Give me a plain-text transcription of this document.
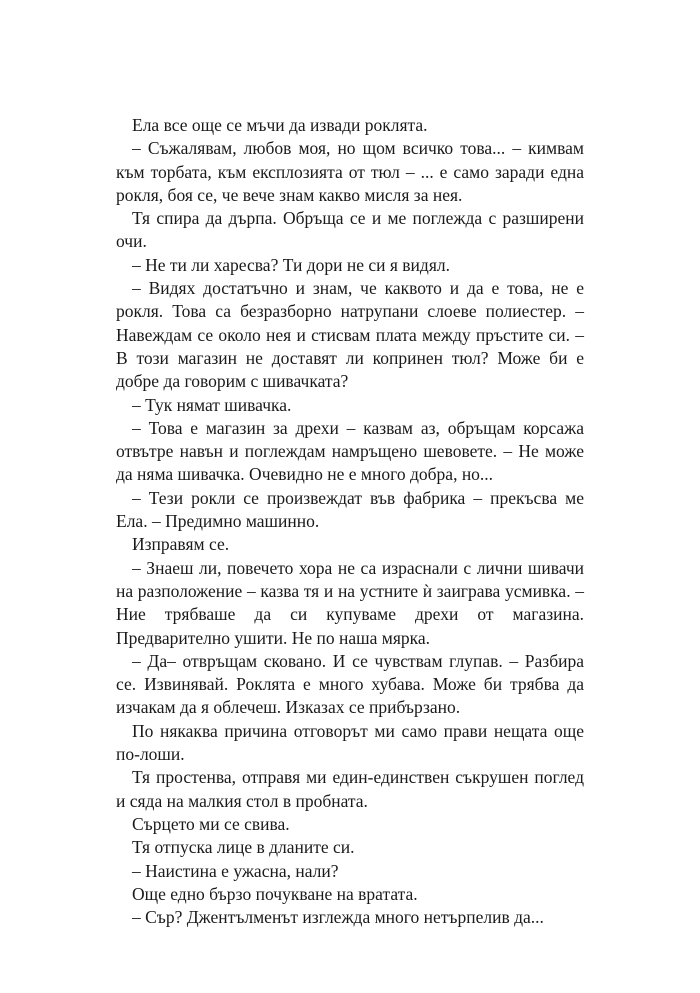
Ела все още се мъчи да извади роклята.

– Съжалявам, любов моя, но щом всичко това... – кимвам към торбата, към експлозията от тюл – ... е само заради една рокля, боя се, че вече знам какво мисля за нея.

Тя спира да дърпа. Обръща се и ме поглежда с разширени очи.

– Не ти ли харесва? Ти дори не си я видял.

– Видях достатъчно и знам, че каквото и да е това, не е рокля. Това са безразборно натрупани слоеве полиестер. – Навеждам се около нея и стисвам плата между пръстите си. – В този магазин не доставят ли копринен тюл? Може би е добре да говорим с шивачката?

– Тук нямат шивачка.

– Това е магазин за дрехи – казвам аз, обръщам корсажа отвътре навън и поглеждам намръщено шевовете. – Не може да няма шивачка. Очевидно не е много добра, но...

– Тези рокли се произвеждат във фабрика – прекъсва ме Ела. – Предимно машинно.

Изправям се.

– Знаеш ли, повечето хора не са израснали с лични шивачи на разположение – казва тя и на устните ѝ заиграва усмивка. – Ние трябваше да си купуваме дрехи от магазина. Предварително ушити. Не по наша мярка.

– Да– отвръщам сковано. И се чувствам глупав. – Разбира се. Извинявай. Роклята е много хубава. Може би трябва да изчакам да я облечеш. Изказах се прибързано.

По някаква причина отговорът ми само прави нещата още по-лоши.

Тя простенва, отправя ми един-единствен съкрушен поглед и сяда на малкия стол в пробната.

Сърцето ми се свива.

Тя отпуска лице в дланите си.

– Наистина е ужасна, нали?

Още едно бързо почукване на вратата.

– Сър? Джентълменът изглежда много нетърпелив да...
